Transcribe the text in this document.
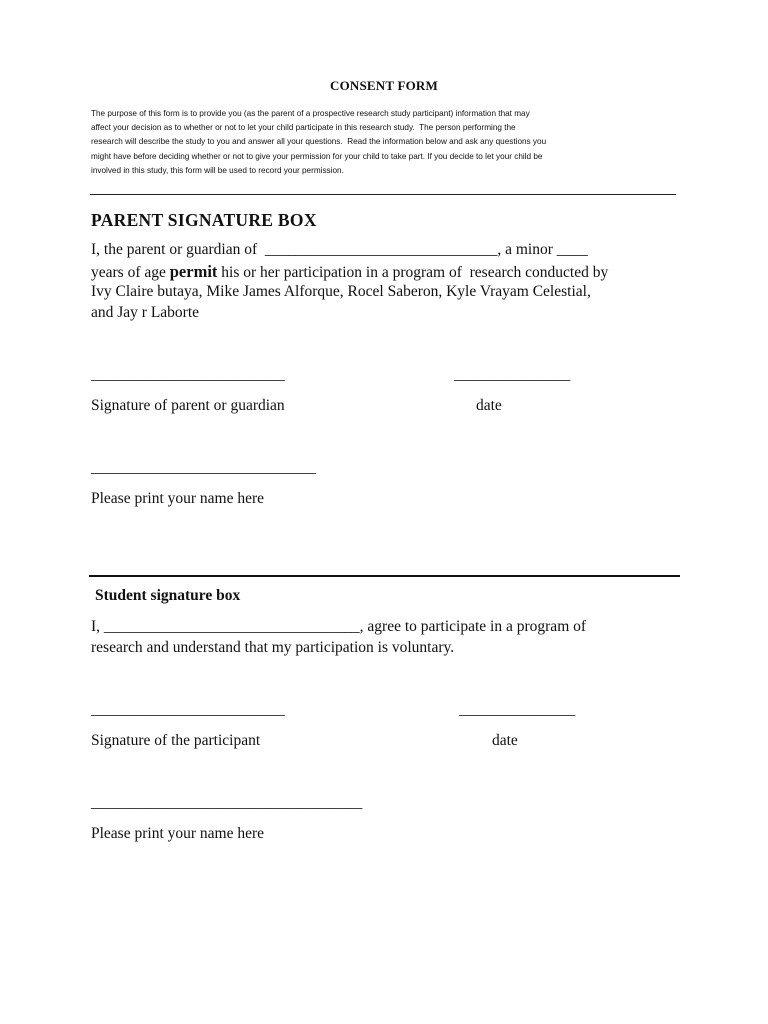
CONSENT FORM
The purpose of this form is to provide you (as the parent of a prospective research study participant) information that may
affect your decision as to whether or not to let your child participate in this research study.  The person performing the
research will describe the study to you and answer all your questions.  Read the information below and ask any questions you
might have before deciding whether or not to give your permission for your child to take part. If you decide to let your child be
involved in this study, this form will be used to record your permission.
PARENT SIGNATURE BOX
I, the parent or guardian of  ______________________________, a minor ____
years of age permit his or her participation in a program of  research conducted by
Ivy Claire butaya, Mike James Alforque, Rocel Saberon, Kyle Vrayam Celestial,
and Jay r Laborte
_________________________	_______________
Signature of parent or guardian	date
_____________________________
Please print your name here
Student signature box
I, _________________________________, agree to participate in a program of
research and understand that my participation is voluntary.
_________________________	_______________
Signature of the participant	date
___________________________________
Please print your name here
